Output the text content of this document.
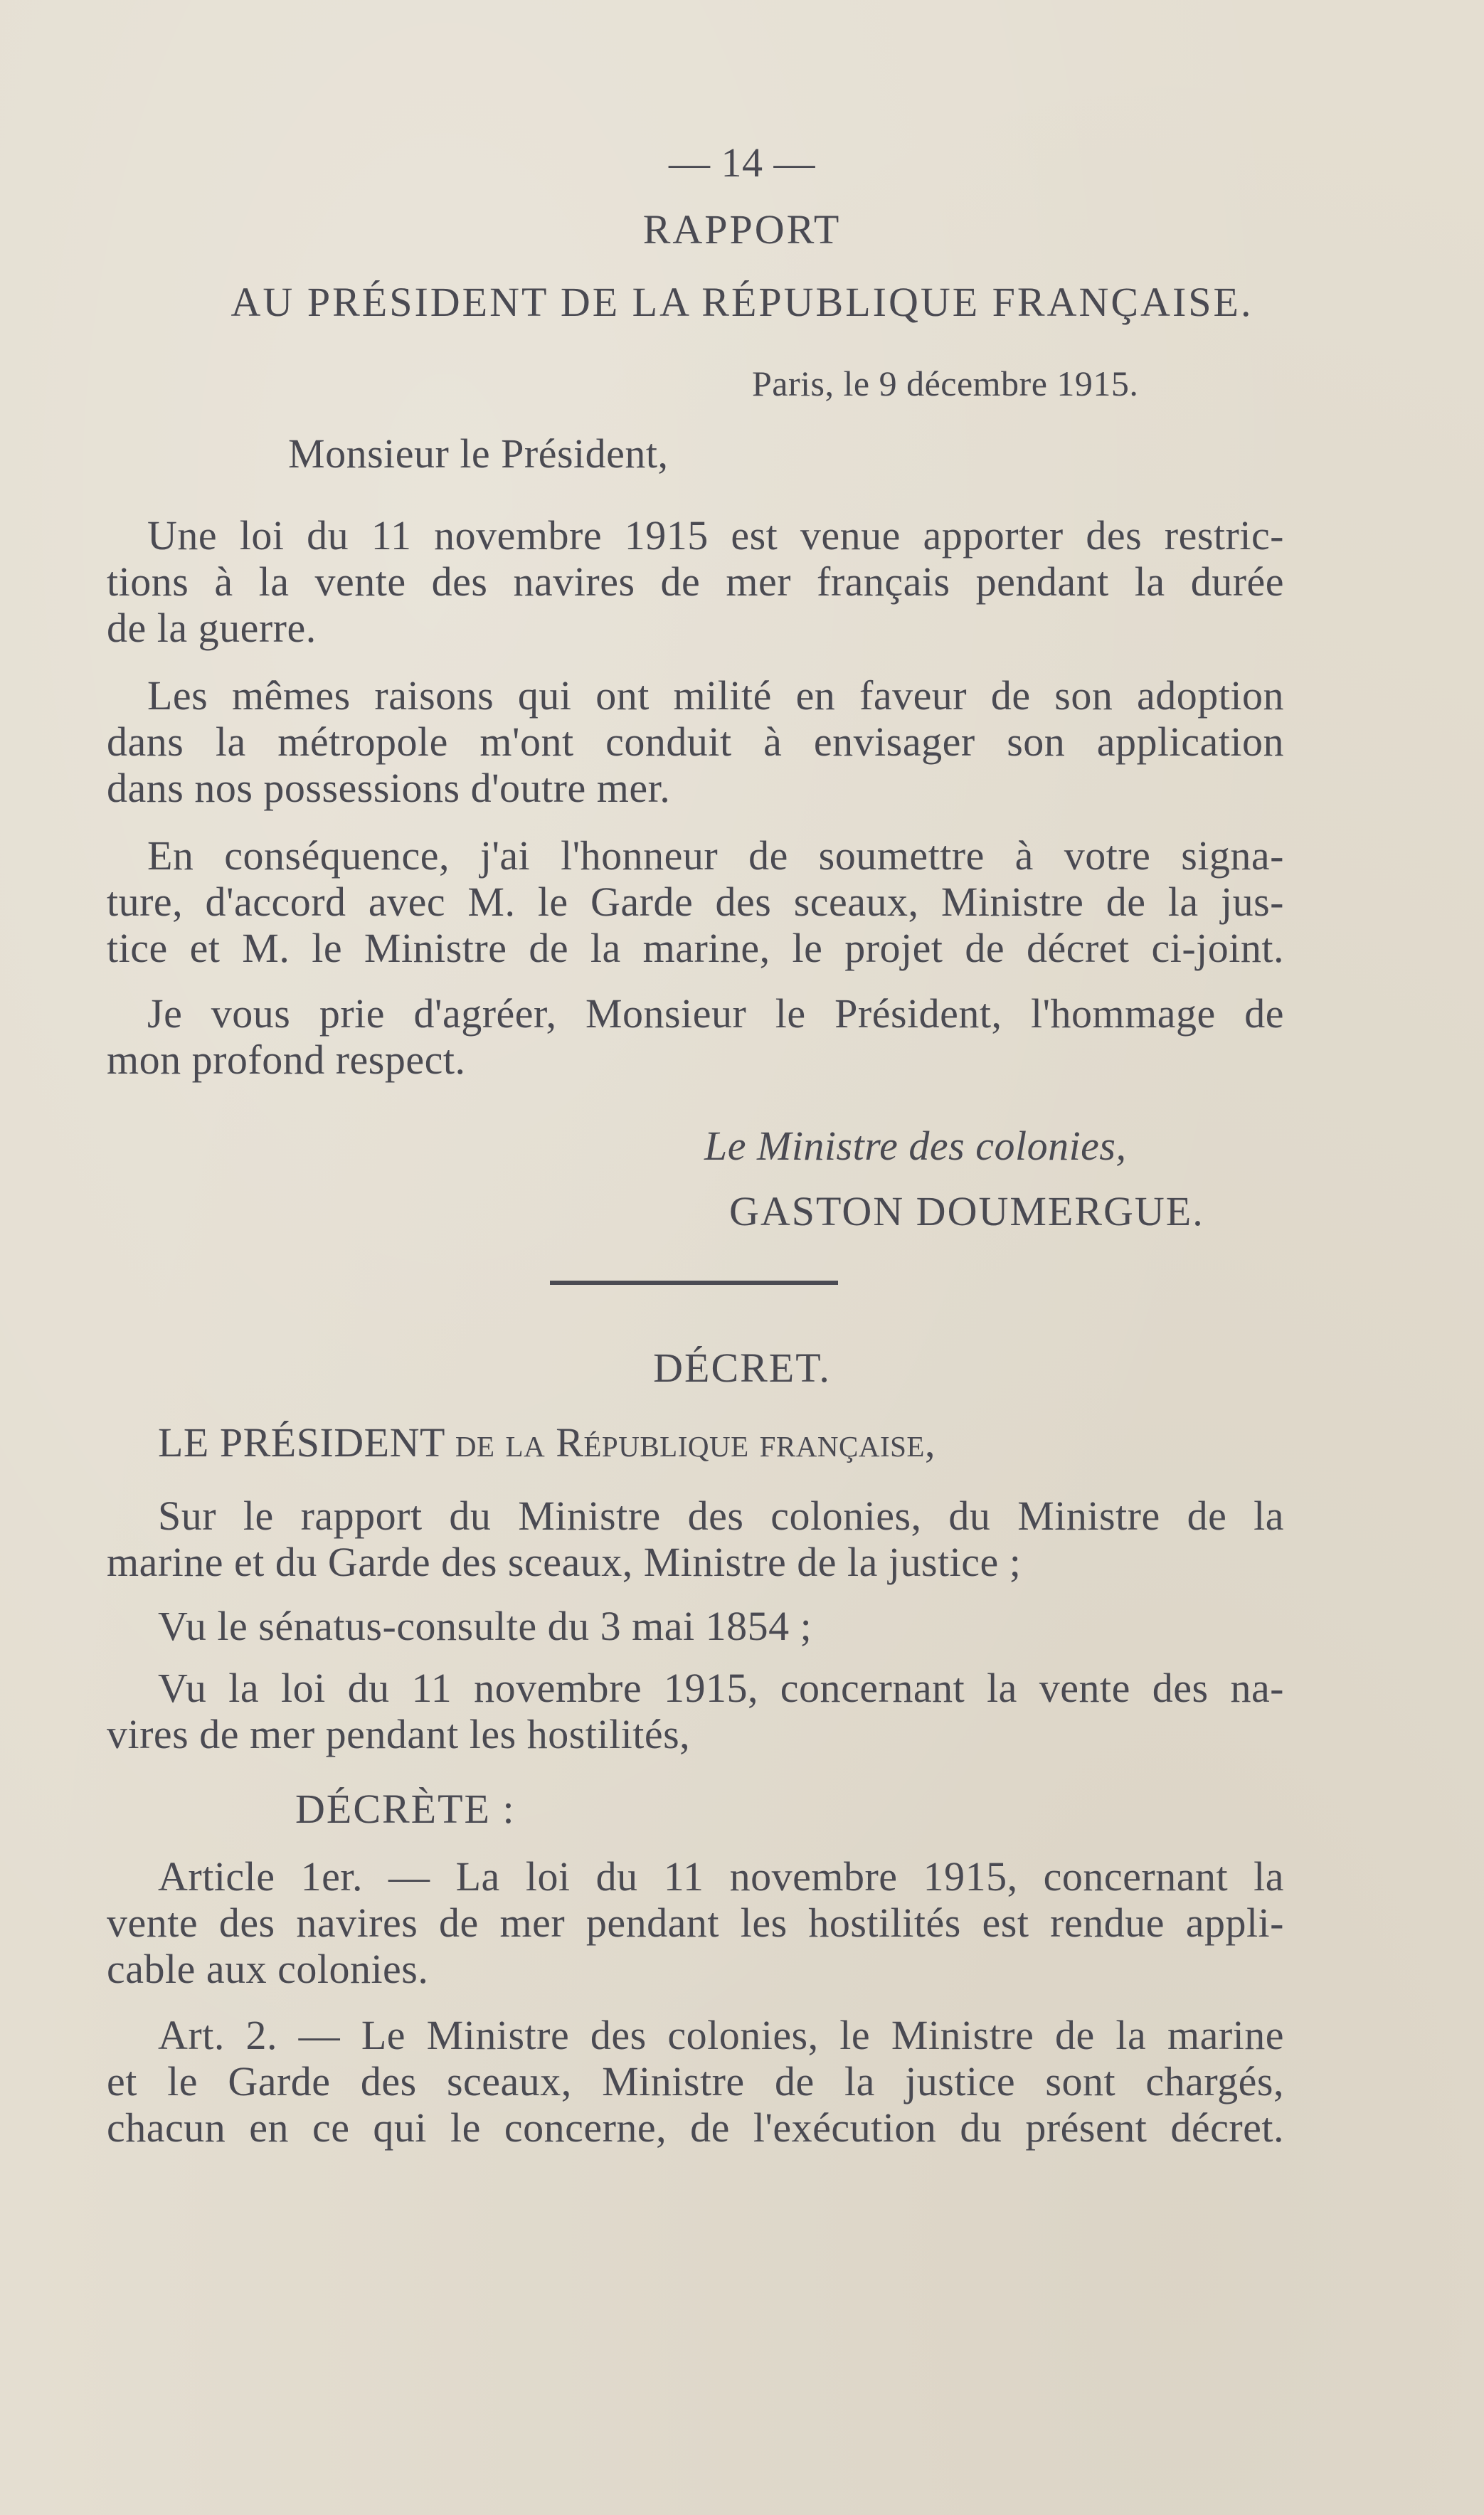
— 14 —
RAPPORT
AU PRÉSIDENT DE LA RÉPUBLIQUE FRANÇAISE.
Paris, le 9 décembre 1915.
Monsieur le Président,
Une loi du 11 novembre 1915 est venue apporter des restric-
tions à la vente des navires de mer français pendant la durée
de la guerre.
Les mêmes raisons qui ont milité en faveur de son adoption
dans la métropole m'ont conduit à envisager son application
dans nos possessions d'outre mer.
En conséquence, j'ai l'honneur de soumettre à votre signa-
ture, d'accord avec M. le Garde des sceaux, Ministre de la jus-
tice et M. le Ministre de la marine, le projet de décret ci-joint.
Je vous prie d'agréer, Monsieur le Président, l'hommage de
mon profond respect.
Le Ministre des colonies,
GASTON DOUMERGUE.
DÉCRET.
LE PRÉSIDENT de la République française,
Sur le rapport du Ministre des colonies, du Ministre de la
marine et du Garde des sceaux, Ministre de la justice ;
Vu le sénatus-consulte du 3 mai 1854 ;
Vu la loi du 11 novembre 1915, concernant la vente des na-
vires de mer pendant les hostilités,
DÉCRÈTE :
Article 1er. — La loi du 11 novembre 1915, concernant la
vente des navires de mer pendant les hostilités est rendue appli-
cable aux colonies.
Art. 2. — Le Ministre des colonies, le Ministre de la marine
et le Garde des sceaux, Ministre de la justice sont chargés,
chacun en ce qui le concerne, de l'exécution du présent décret.
